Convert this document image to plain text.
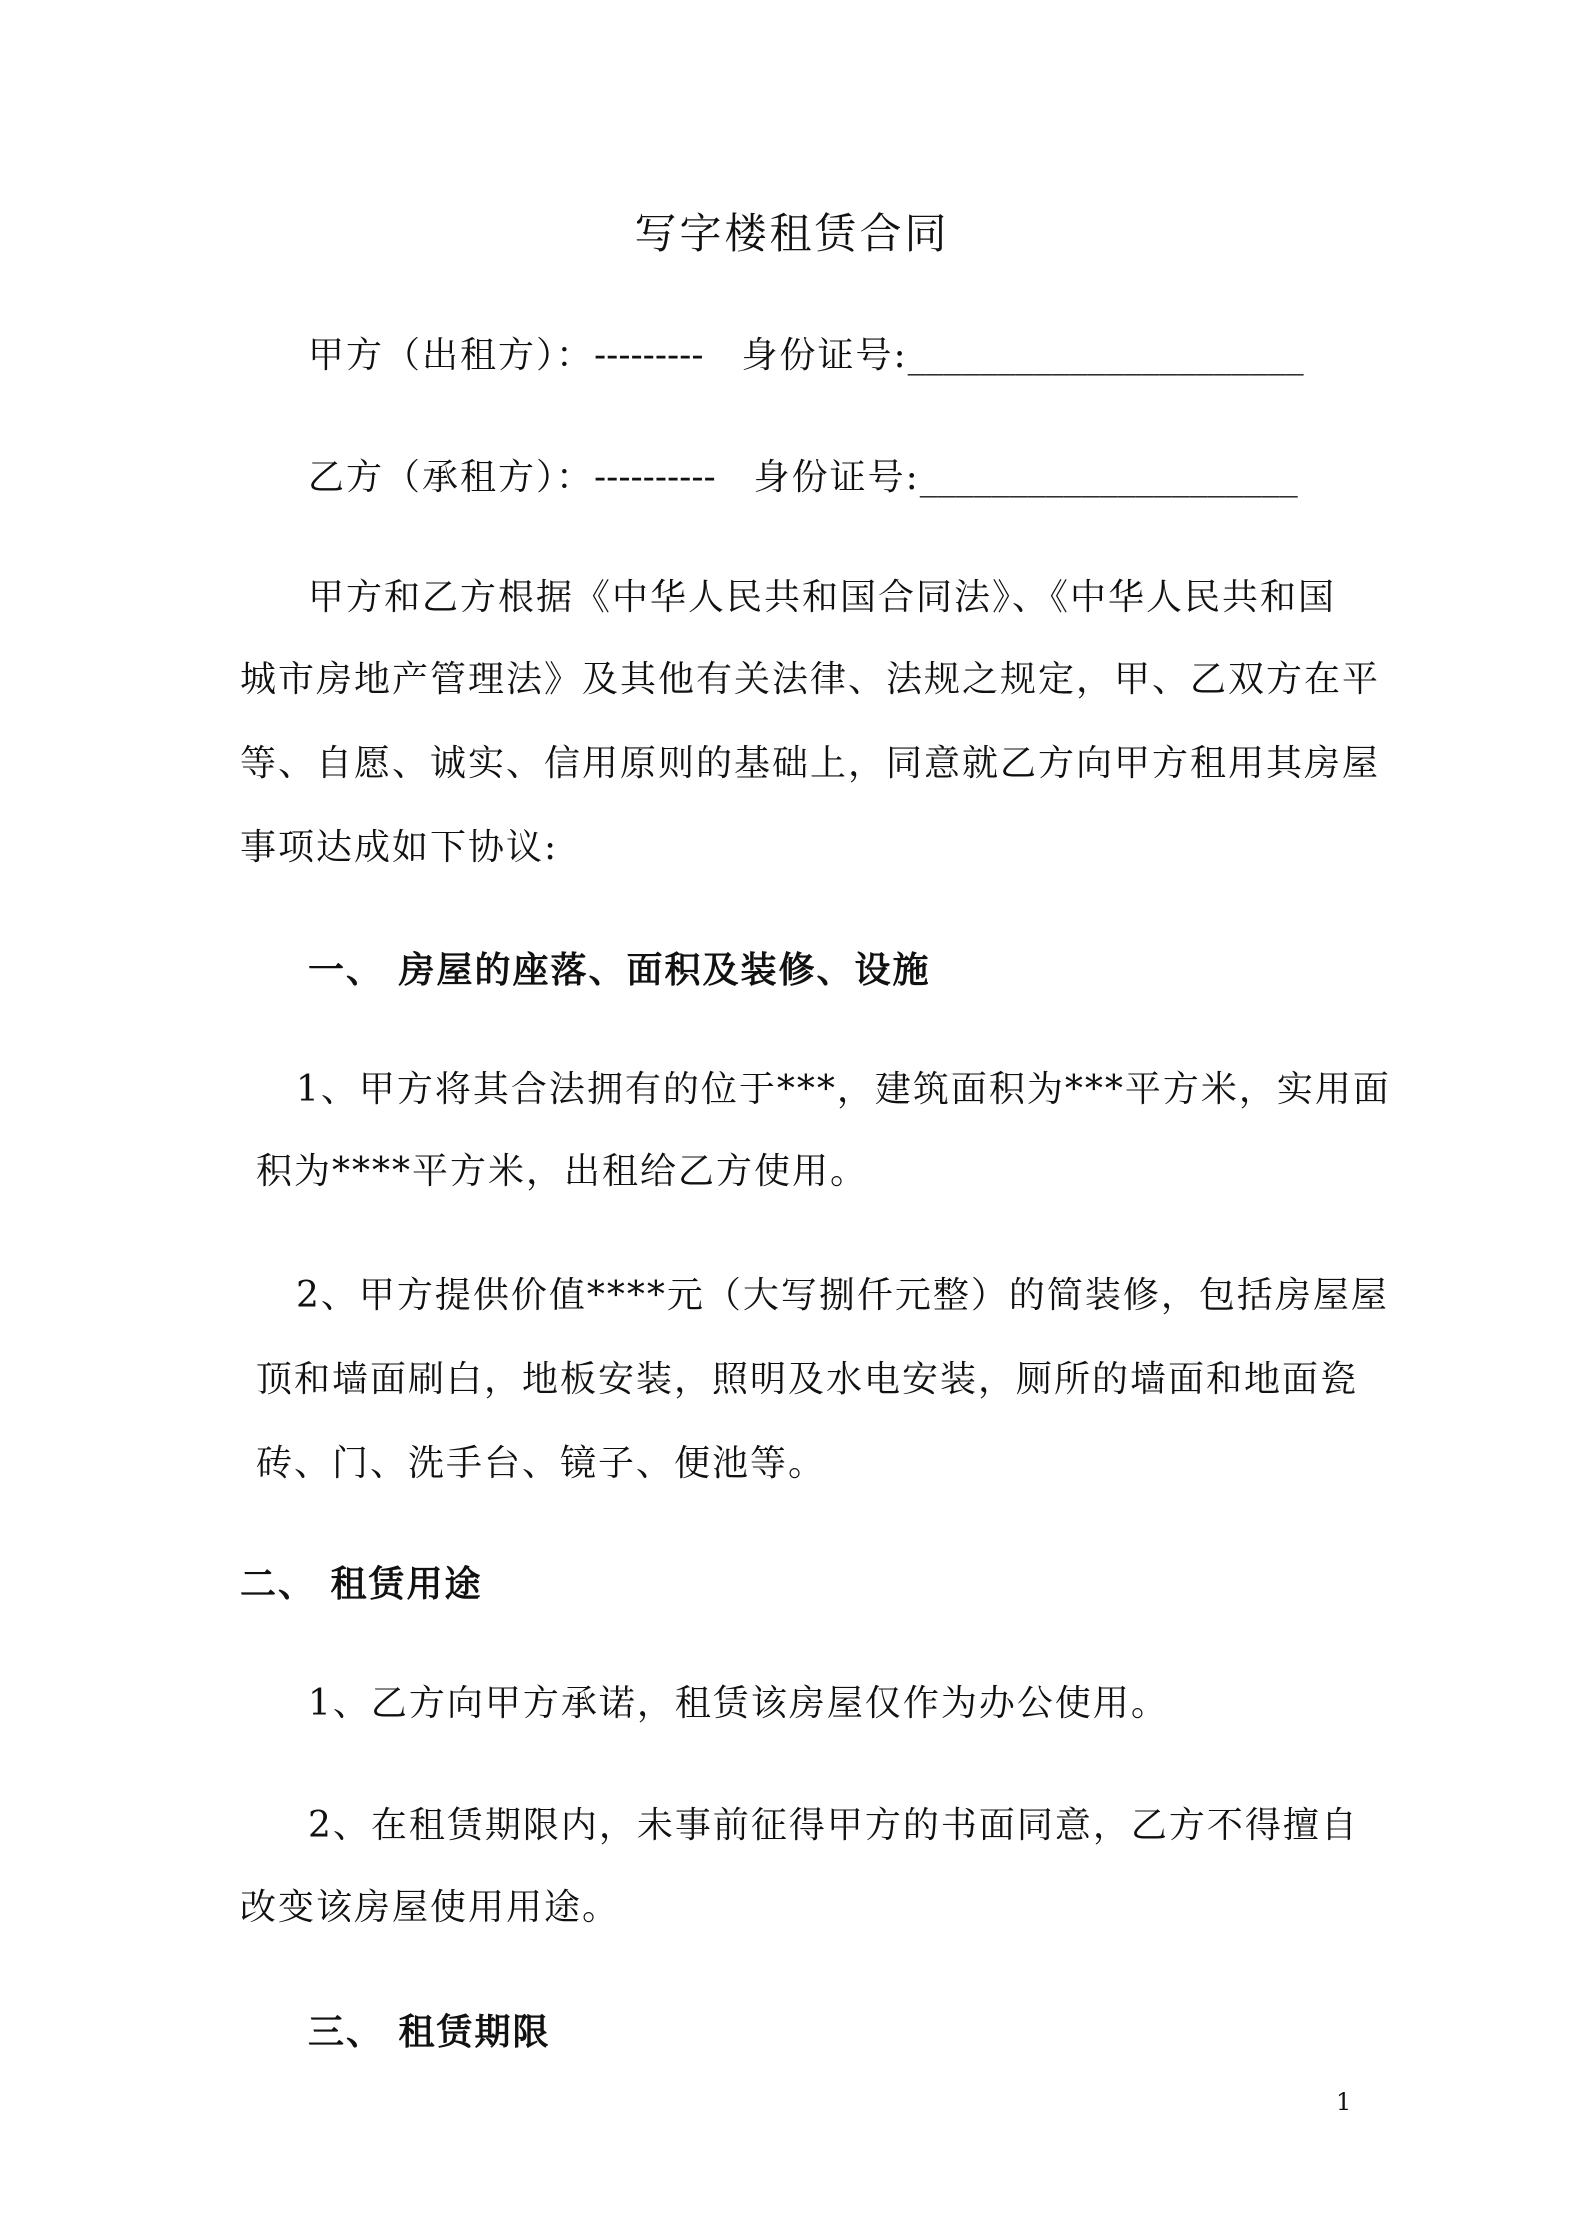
写字楼租赁合同
甲方（出租方）：--------- 身份证号:______________________
乙方（承租方）：---------- 身份证号:_____________________
甲方和乙方根据《中华人民共和国合同法》、《中华人民共和国
城市房地产管理法》及其他有关法律、法规之规定，甲、乙双方在平
等、自愿、诚实、信用原则的基础上，同意就乙方向甲方租用其房屋
事项达成如下协议:
一、 房屋的座落、面积及装修、设施
1、甲方将其合法拥有的位于***，建筑面积为***平方米，实用面
积为****平方米，出租给乙方使用。
2、甲方提供价值****元（大写捌仟元整）的简装修，包括房屋屋
顶和墙面刷白，地板安装，照明及水电安装，厕所的墙面和地面瓷
砖、门、洗手台、镜子、便池等。
二、 租赁用途
1、乙方向甲方承诺，租赁该房屋仅作为办公使用。
2、在租赁期限内，未事前征得甲方的书面同意，乙方不得擅自
改变该房屋使用用途。
三、 租赁期限
1
